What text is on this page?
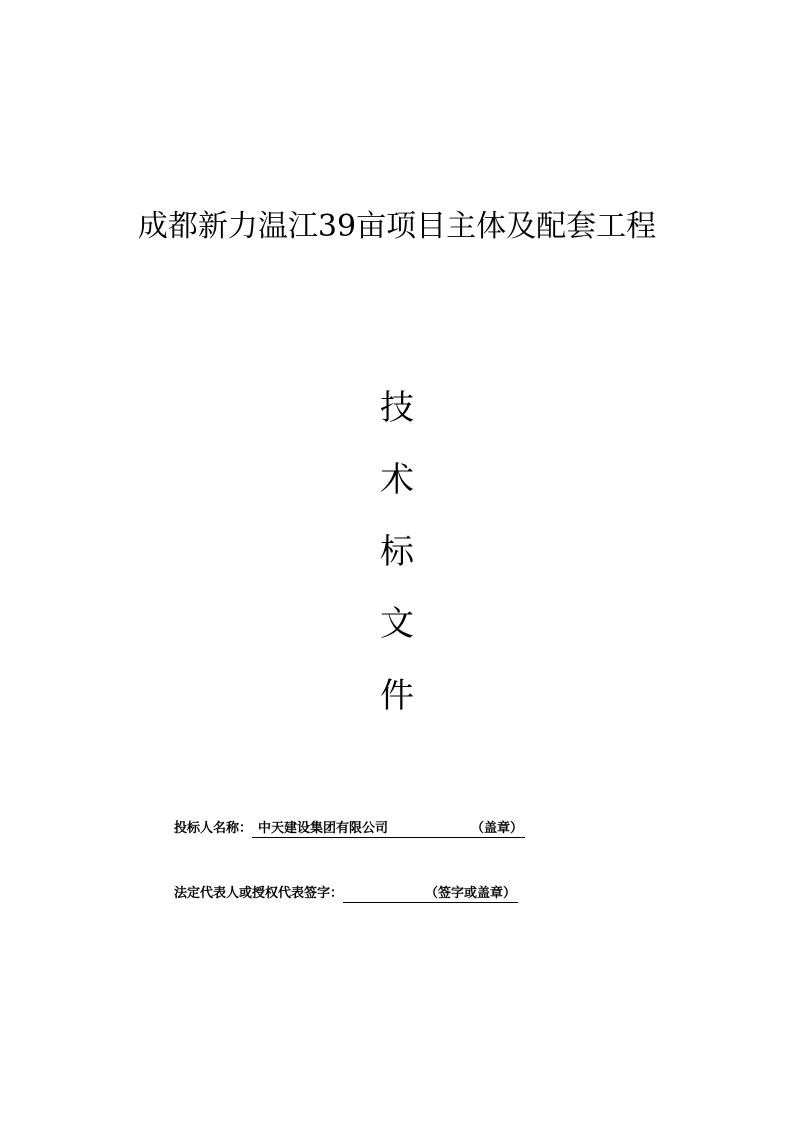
成都新力温江39亩项目主体及配套工程
技
术
标
文
件
投标人名称： 中天建设集团有限公司	（盖章）
法定代表人或授权代表签字：	（签字或盖章）
